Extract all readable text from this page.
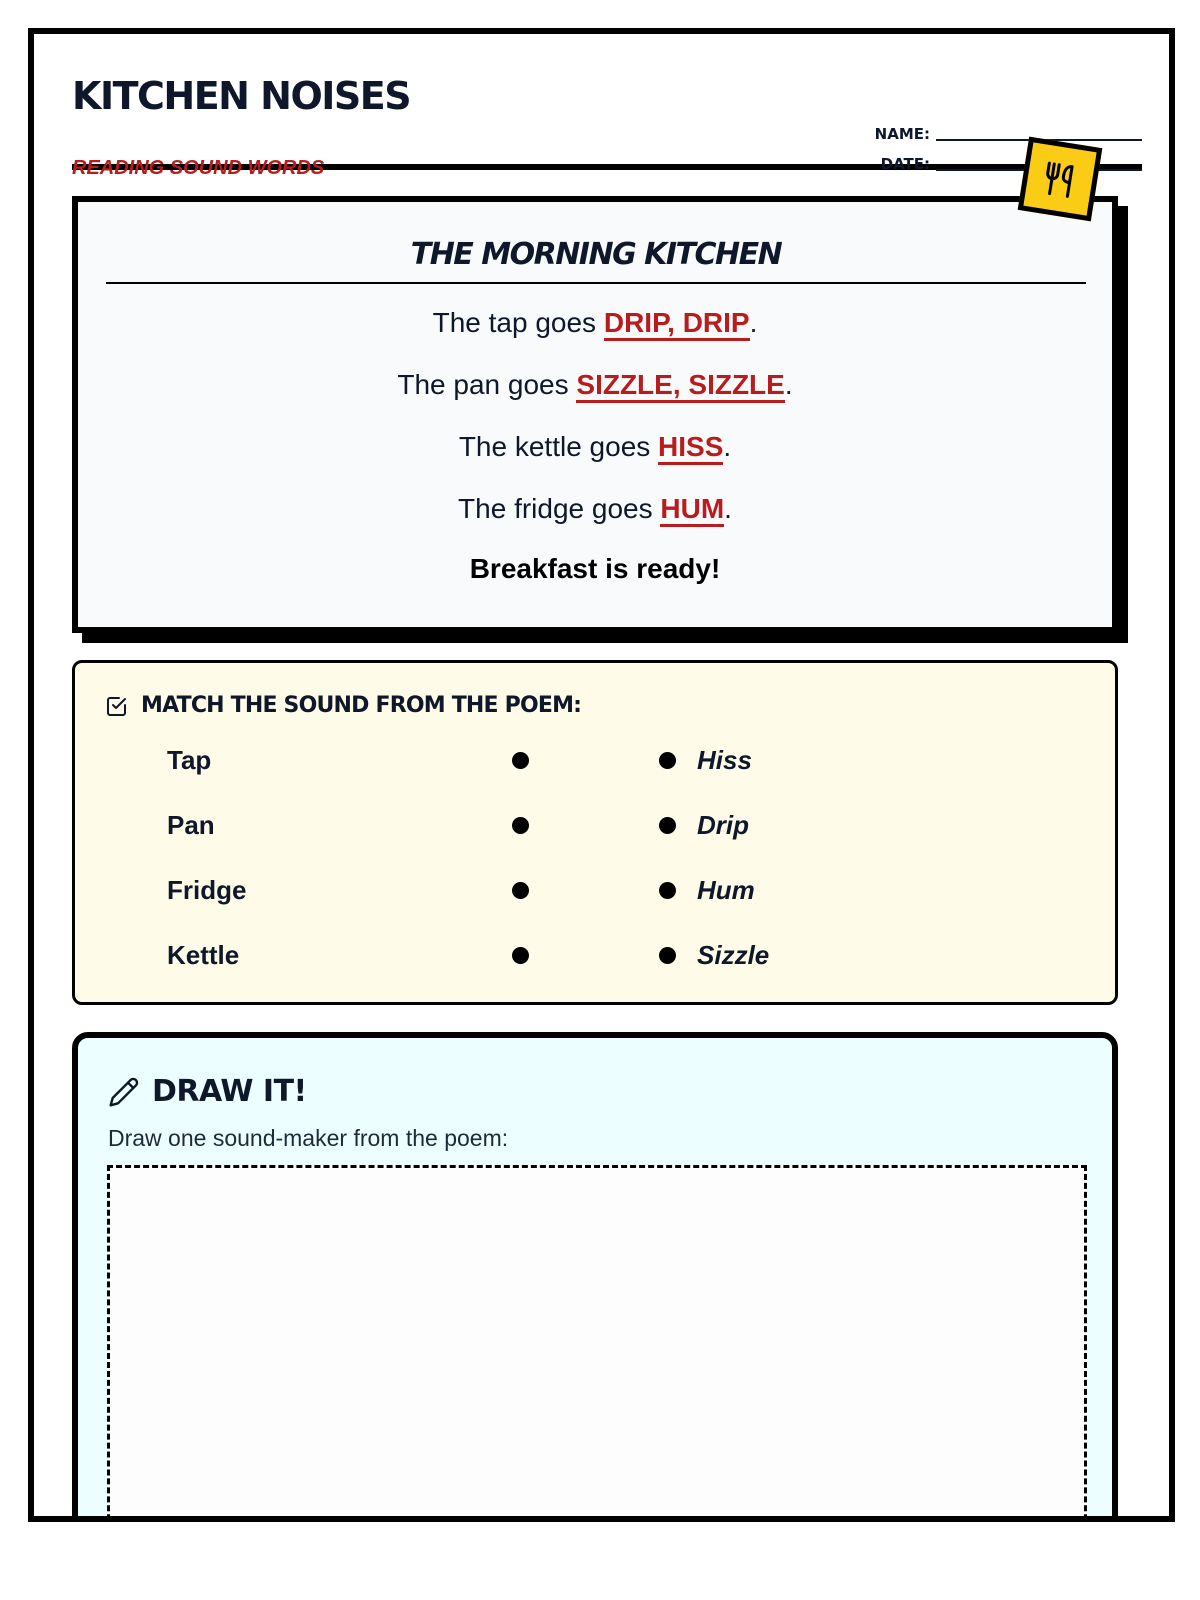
KITCHEN NOISES
READING SOUND WORDS
NAME:
DATE:
THE MORNING KITCHEN
The tap goes DRIP, DRIP.
The pan goes SIZZLE, SIZZLE.
The kettle goes HISS.
The fridge goes HUM.
Breakfast is ready!
MATCH THE SOUND FROM THE POEM:
Tap
Pan
Fridge
Kettle
Hiss
Drip
Hum
Sizzle
DRAW IT!
Draw one sound-maker from the poem:
